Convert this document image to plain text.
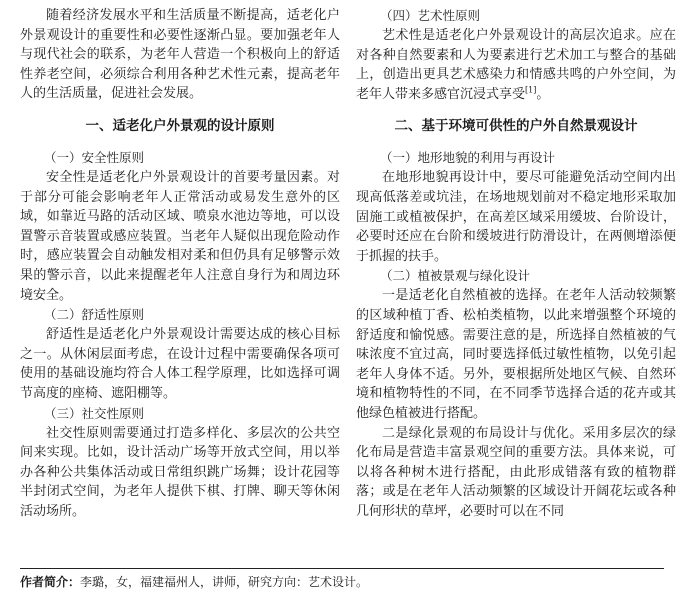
随着经济发展水平和生活质量不断提高，适老化户外景观设计的重要性和必要性逐渐凸显。要加强老年人与现代社会的联系，为老年人营造一个积极向上的舒适性养老空间，必须综合利用各种艺术性元素，提高老年人的生活质量，促进社会发展。

一、适老化户外景观的设计原则
（一）安全性原则

安全性是适老化户外景观设计的首要考量因素。对于部分可能会影响老年人正常活动或易发生意外的区域，如靠近马路的活动区域、喷泉水池边等地，可以设置警示音装置或感应装置。当老年人疑似出现危险动作时，感应装置会自动触发相对柔和但仍具有足够警示效果的警示音，以此来提醒老年人注意自身行为和周边环境安全。

（二）舒适性原则

舒适性是适老化户外景观设计需要达成的核心目标之一。从休闲层面考虑，在设计过程中需要确保各项可使用的基础设施均符合人体工程学原理，比如选择可调节高度的座椅、遮阳棚等。

（三）社交性原则

社交性原则需要通过打造多样化、多层次的公共空间来实现。比如，设计活动广场等开放式空间，用以举办各种公共集体活动或日常组织跳广场舞；设计花园等半封闭式空间，为老年人提供下棋、打牌、聊天等休闲活动场所。

（四）艺术性原则

艺术性是适老化户外景观设计的高层次追求。应在对各种自然要素和人为要素进行艺术加工与整合的基础上，创造出更具艺术感染力和情感共鸣的户外空间，为老年人带来多感官沉浸式享受[1]。

二、基于环境可供性的户外自然景观设计
（一）地形地貌的利用与再设计

在地形地貌再设计中，要尽可能避免活动空间内出现高低落差或坑洼，在场地规划前对不稳定地形采取加固施工或植被保护，在高差区域采用缓坡、台阶设计，必要时还应在台阶和缓坡进行防滑设计，在两侧增添便于抓握的扶手。

（二）植被景观与绿化设计

一是适老化自然植被的选择。在老年人活动较频繁的区域种植丁香、松柏类植物，以此来增强整个环境的舒适度和愉悦感。需要注意的是，所选择自然植被的气味浓度不宜过高，同时要选择低过敏性植物，以免引起老年人身体不适。另外，要根据所处地区气候、自然环境和植物特性的不同，在不同季节选择合适的花卉或其他绿色植被进行搭配。

二是绿化景观的布局设计与优化。采用多层次的绿化布局是营造丰富景观空间的重要方法。具体来说，可以将各种树木进行搭配，由此形成错落有致的植物群落；或是在老年人活动频繁的区域设计开阔花坛或各种几何形状的草坪，必要时可以在不同

作者简介：李璐，女，福建福州人，讲师，研究方向：艺术设计。
